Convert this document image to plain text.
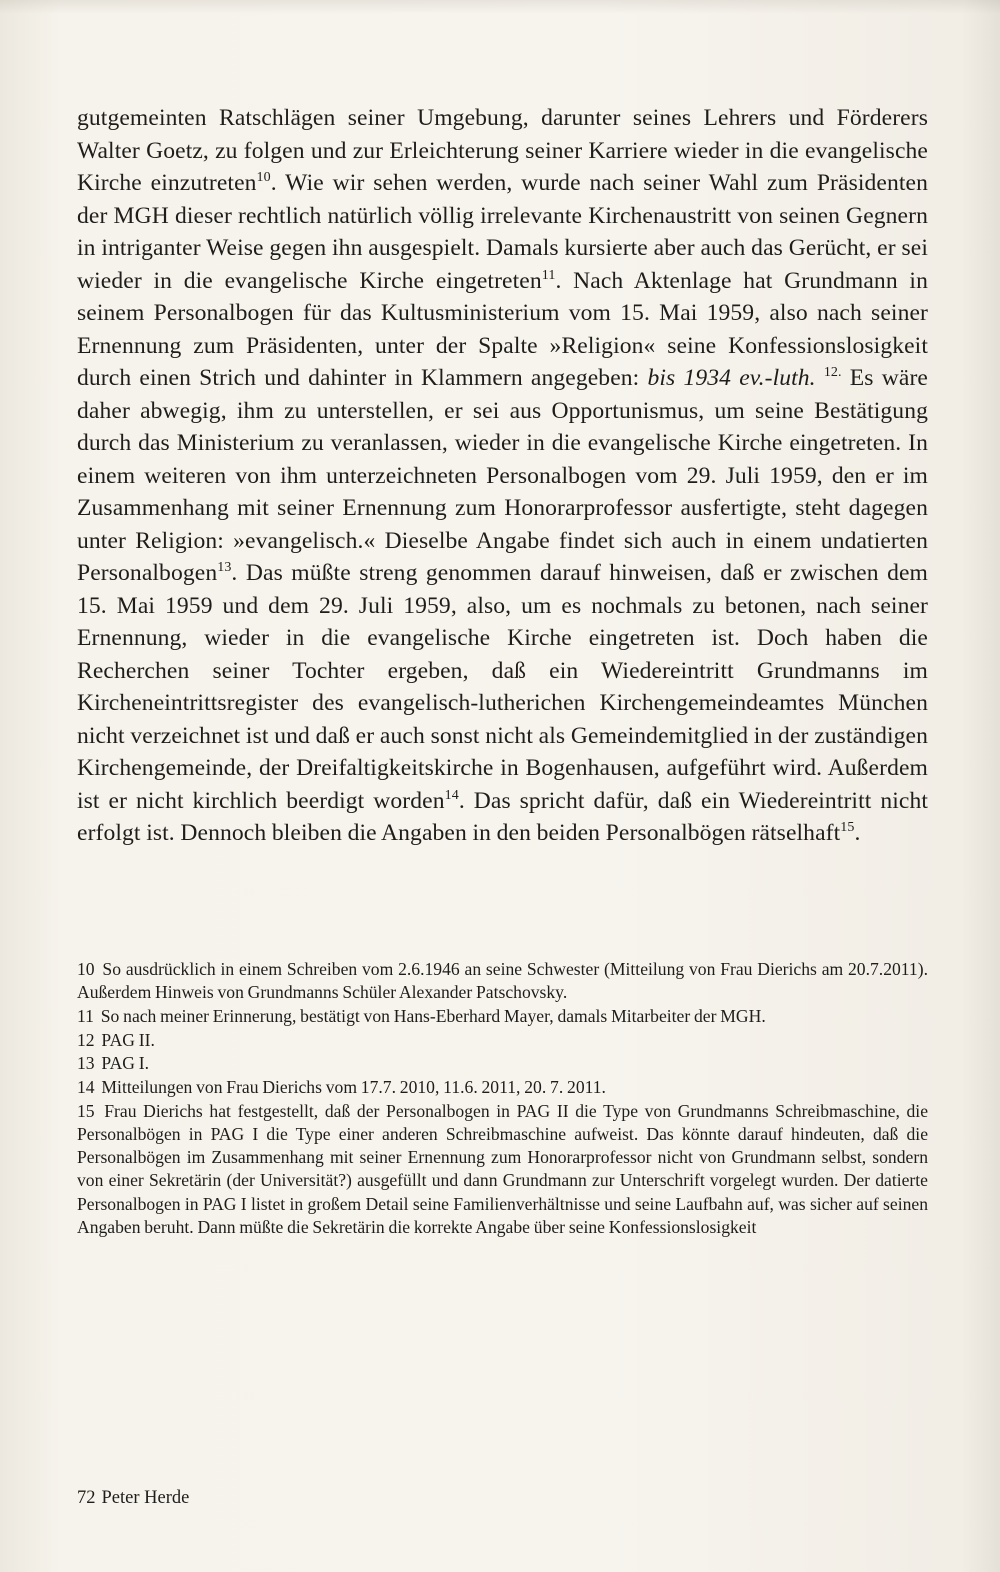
gutgemeinten Ratschlägen seiner Umgebung, darunter seines Lehrers und Förderers Walter Goetz, zu folgen und zur Erleichterung seiner Karriere wieder in die evangelische Kirche einzutreten$^{10}$. Wie wir sehen werden, wurde nach seiner Wahl zum Präsidenten der MGH dieser rechtlich natürlich völlig irrelevante Kirchenaustritt von seinen Gegnern in intriganter Weise gegen ihn ausgespielt. Damals kursierte aber auch das Gerücht, er sei wieder in die evangelische Kirche eingetreten$^{11}$. Nach Aktenlage hat Grundmann in seinem Personalbogen für das Kultusministerium vom 15. Mai 1959, also nach seiner Ernennung zum Präsidenten, unter der Spalte »Religion« seine Konfessionslosigkeit durch einen Strich und dahinter in Klammern angegeben: bis 1934 ev.-luth. $^{12.}$ Es wäre daher abwegig, ihm zu unterstellen, er sei aus Opportunismus, um seine Bestätigung durch das Ministerium zu veranlassen, wieder in die evangelische Kirche eingetreten. In einem weiteren von ihm unterzeichneten Personalbogen vom 29. Juli 1959, den er im Zusammenhang mit seiner Ernennung zum Honorarprofessor ausfertigte, steht dagegen unter Religion: »evangelisch.« Dieselbe Angabe findet sich auch in einem undatierten Personalbogen$^{13}$. Das müßte streng genommen darauf hinweisen, daß er zwischen dem 15. Mai 1959 und dem 29. Juli 1959, also, um es nochmals zu betonen, nach seiner Ernennung, wieder in die evangelische Kirche eingetreten ist. Doch haben die Recherchen seiner Tochter ergeben, daß ein Wiedereintritt Grundmanns im Kircheneintrittsregister des evangelisch-lutherichen Kirchengemeindeamtes München nicht verzeichnet ist und daß er auch sonst nicht als Gemeindemitglied in der zuständigen Kirchengemeinde, der Dreifaltigkeitskirche in Bogenhausen, aufgeführt wird. Außerdem ist er nicht kirchlich beerdigt worden$^{14}$. Das spricht dafür, daß ein Wiedereintritt nicht erfolgt ist. Dennoch bleiben die Angaben in den beiden Personalbögen rätselhaft$^{15}$.

10 So ausdrücklich in einem Schreiben vom 2.6.1946 an seine Schwester (Mitteilung von Frau Dierichs am 20.7.2011). Außerdem Hinweis von Grundmanns Schüler Alexander Patschovsky.

11 So nach meiner Erinnerung, bestätigt von Hans-Eberhard Mayer, damals Mitarbeiter der MGH.

12 PAG II.

13 PAG I.

14 Mitteilungen von Frau Dierichs vom 17.7. 2010, 11.6. 2011, 20. 7. 2011.

15 Frau Dierichs hat festgestellt, daß der Personalbogen in PAG II die Type von Grundmanns Schreibmaschine, die Personalbögen in PAG I die Type einer anderen Schreibmaschine aufweist. Das könnte darauf hindeuten, daß die Personalbögen im Zusammenhang mit seiner Ernennung zum Honorarprofessor nicht von Grundmann selbst, sondern von einer Sekretärin (der Universität?) ausgefüllt und dann Grundmann zur Unterschrift vorgelegt wurden. Der datierte Personalbogen in PAG I listet in großem Detail seine Familienverhältnisse und seine Laufbahn auf, was sicher auf seinen Angaben beruht. Dann müßte die Sekretärin die korrekte Angabe über seine Konfessionslosigkeit

72 Peter Herde
